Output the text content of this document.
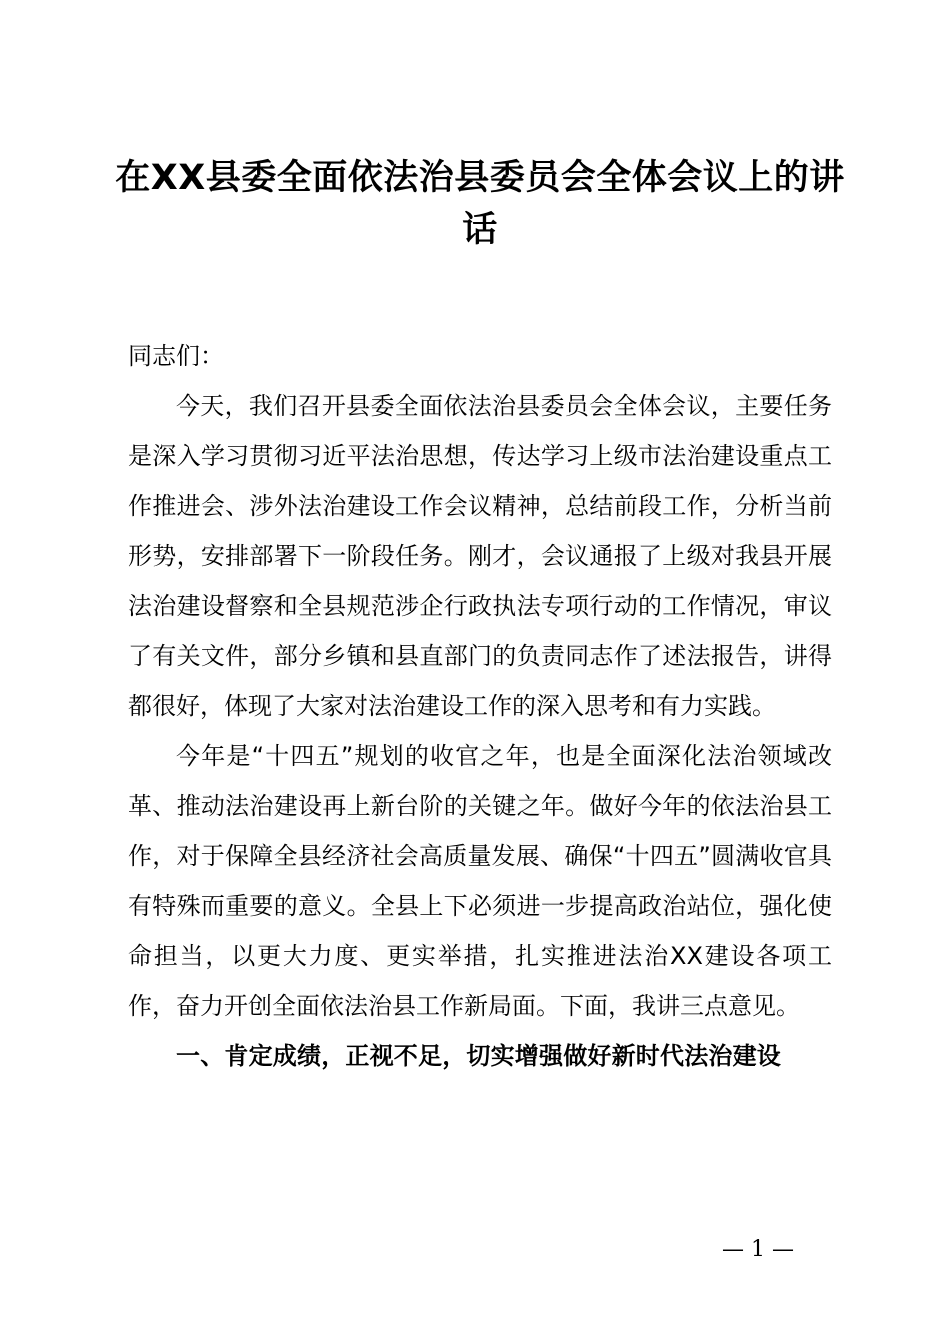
在XX县委全面依法治县委员会全体会议上的讲话

同志们：

今天，我们召开县委全面依法治县委员会全体会议，主要任务是深入学习贯彻习近平法治思想，传达学习上级市法治建设重点工作推进会、涉外法治建设工作会议精神，总结前段工作，分析当前形势，安排部署下一阶段任务。刚才，会议通报了上级对我县开展法治建设督察和全县规范涉企行政执法专项行动的工作情况，审议了有关文件，部分乡镇和县直部门的负责同志作了述法报告，讲得都很好，体现了大家对法治建设工作的深入思考和有力实践。

今年是“十四五”规划的收官之年，也是全面深化法治领域改革、推动法治建设再上新台阶的关键之年。做好今年的依法治县工作，对于保障全县经济社会高质量发展、确保“十四五”圆满收官具有特殊而重要的意义。全县上下必须进一步提高政治站位，强化使命担当，以更大力度、更实举措，扎实推进法治XX建设各项工作，奋力开创全面依法治县工作新局面。下面，我讲三点意见。

一、肯定成绩，正视不足，切实增强做好新时代法治建设

— 1 —
